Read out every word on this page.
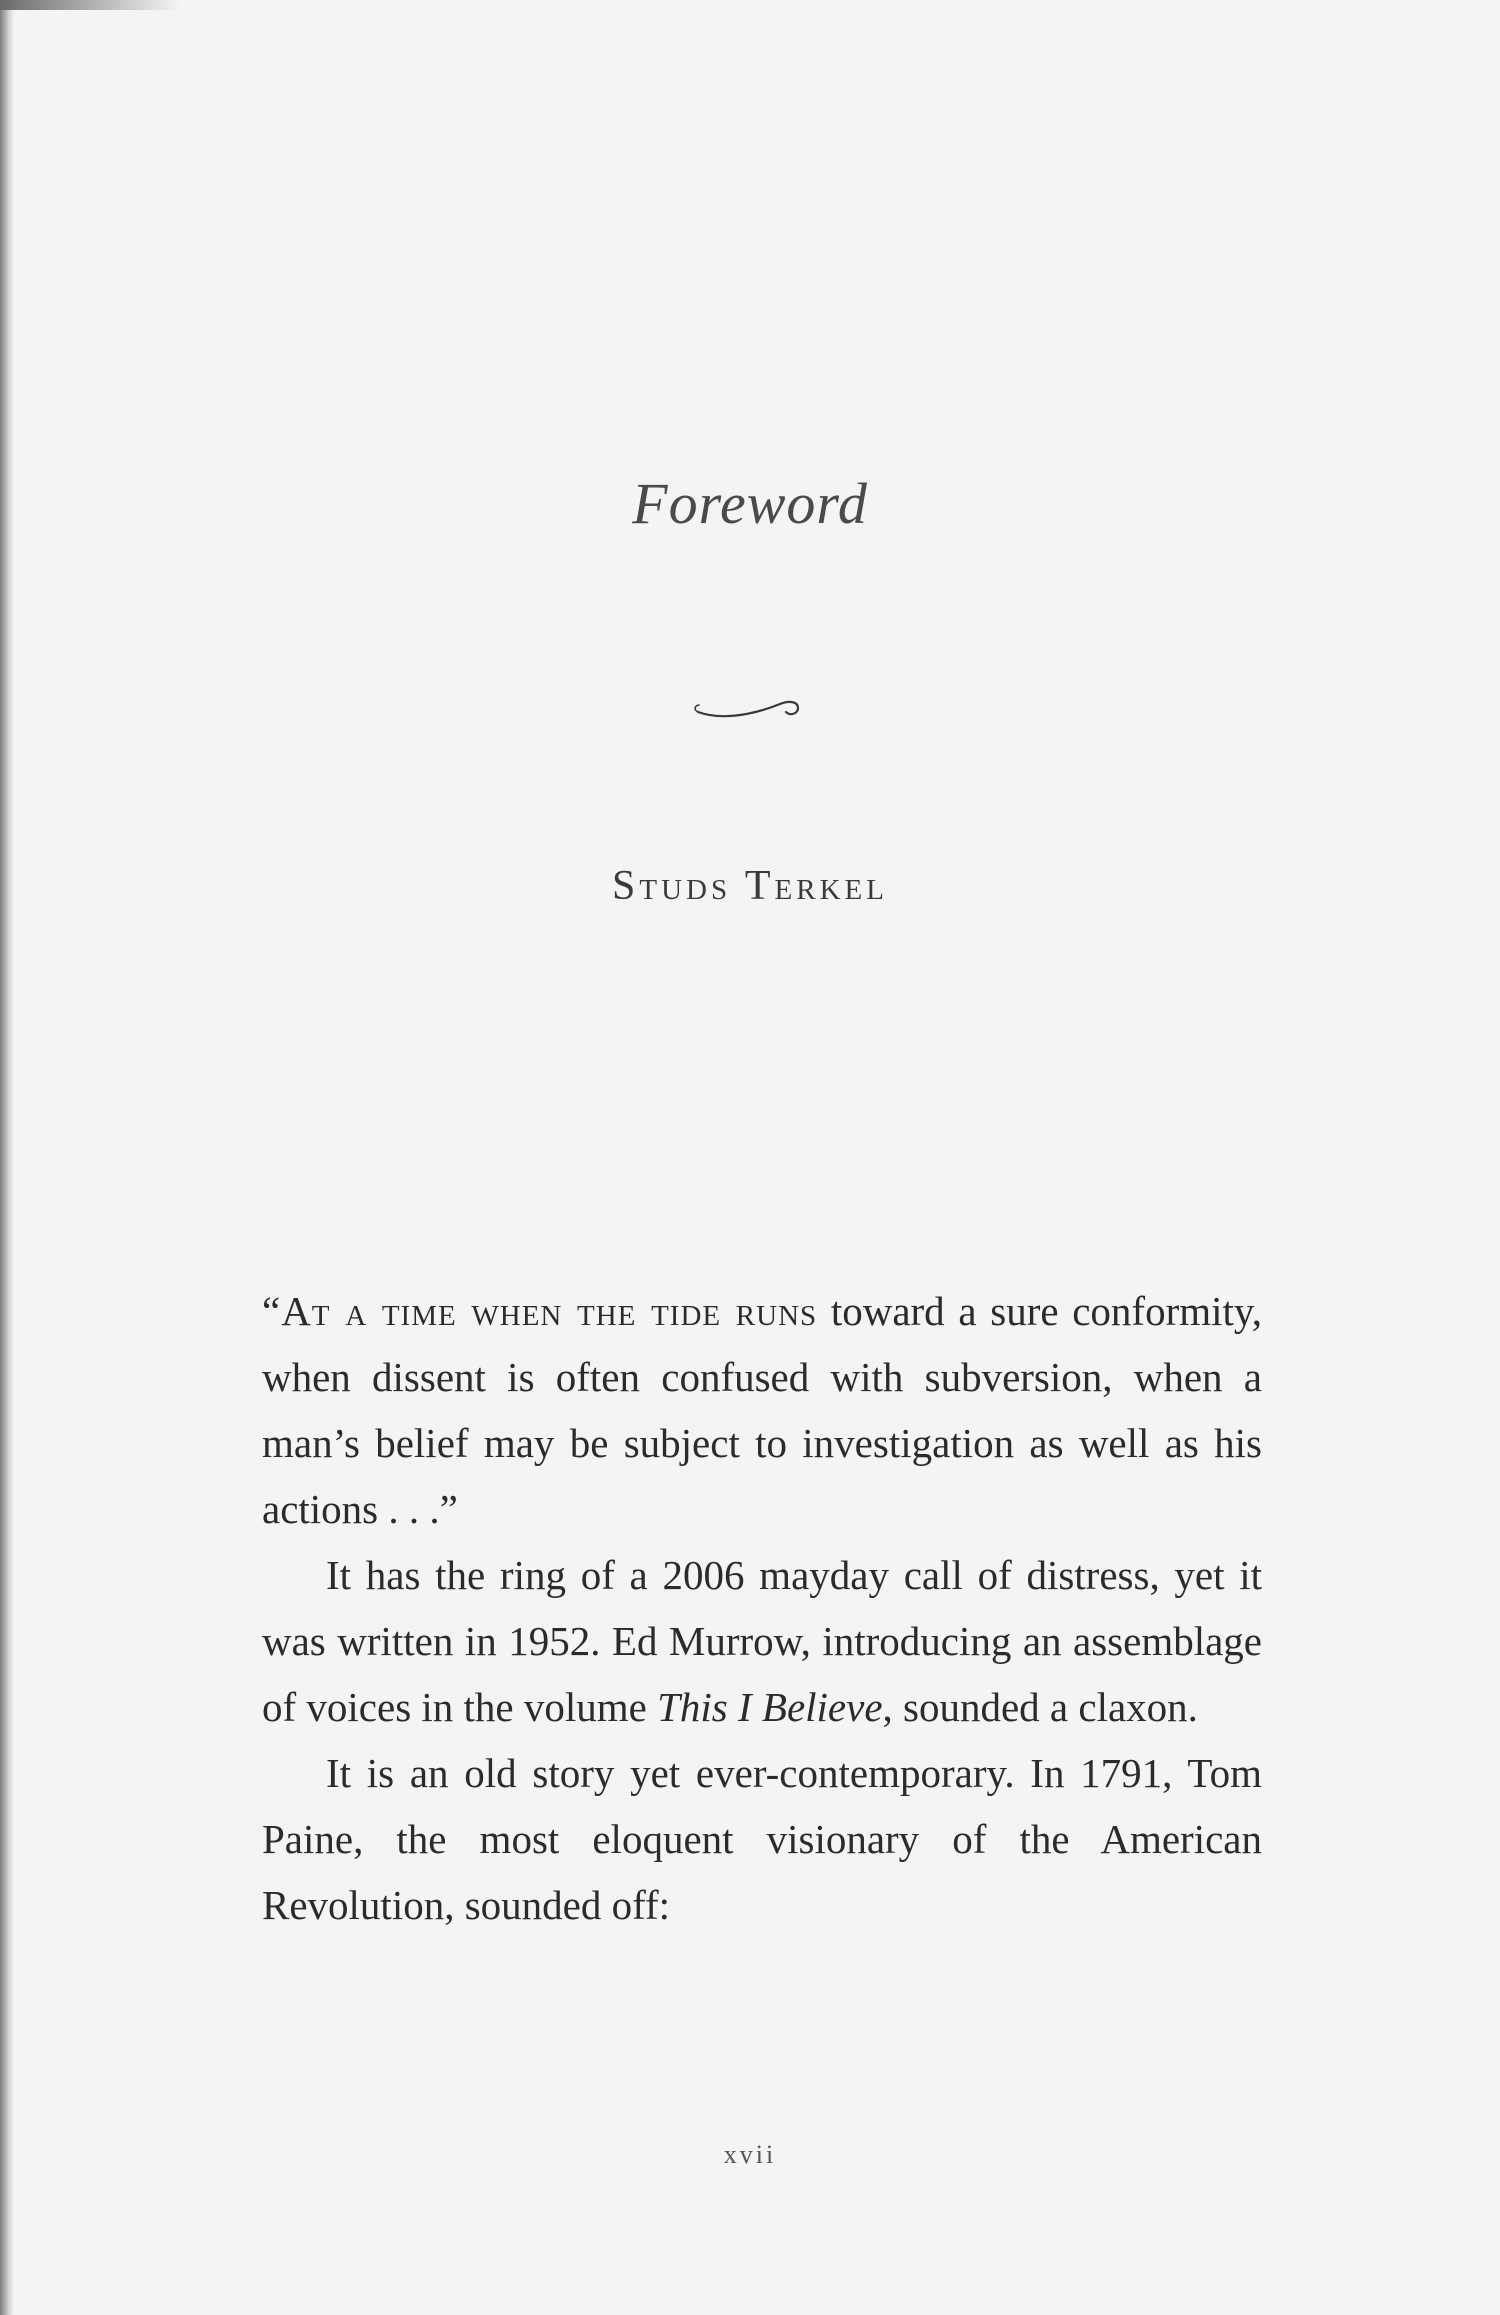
Foreword
Studs Terkel

“At a time when the tide runs toward a sure conformity, when dissent is often confused with subversion, when a man’s belief may be subject to investigation as well as his actions . . .”

It has the ring of a 2006 mayday call of distress, yet it was written in 1952. Ed Murrow, introducing an assemblage of voices in the volume This I Believe, sounded a claxon.

It is an old story yet ever-contemporary. In 1791, Tom Paine, the most eloquent visionary of the American Revolution, sounded off:

xvii
